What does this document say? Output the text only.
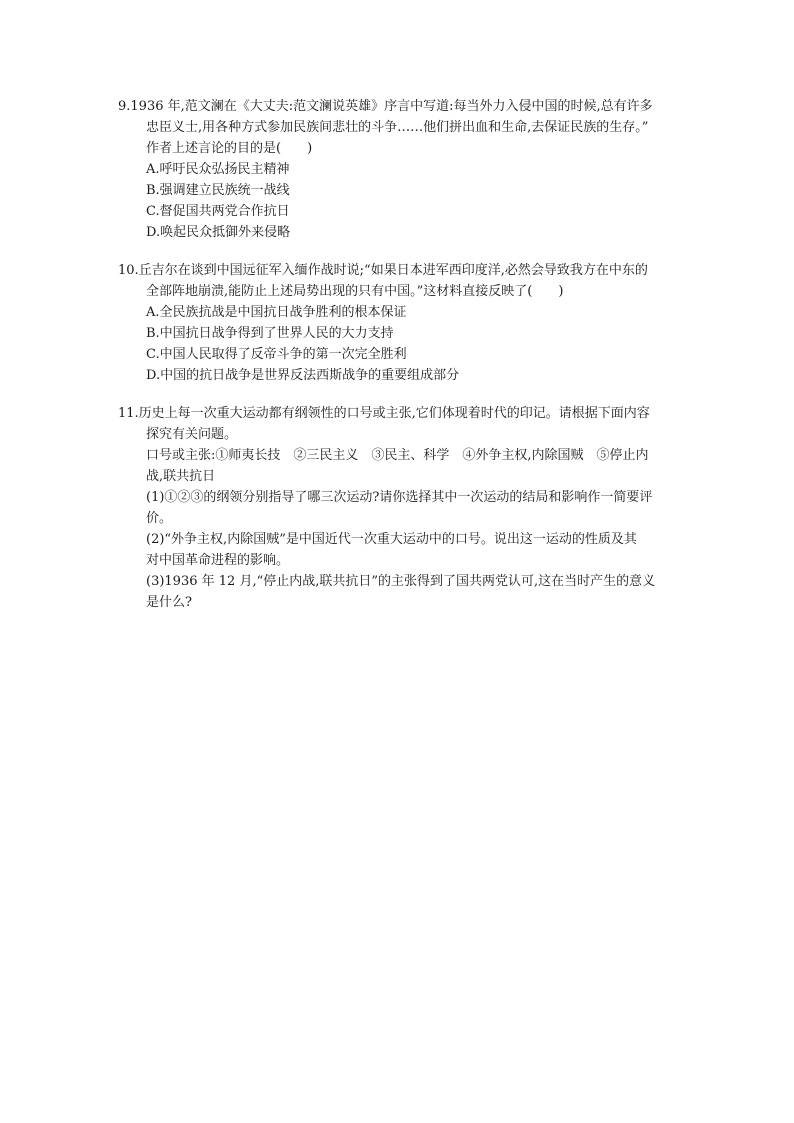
9.1936 年,范文澜在《大丈夫:范文澜说英雄》序言中写道:每当外力入侵中国的时候,总有许多
忠臣义士,用各种方式参加民族间悲壮的斗争……他们拼出血和生命,去保证民族的生存。”
作者上述言论的目的是(　　)

A.呼吁民众弘扬民主精神
B.强调建立民族统一战线
C.督促国共两党合作抗日
D.唤起民众抵御外来侵略

10.丘吉尔在谈到中国远征军入缅作战时说;“如果日本进军西印度洋,必然会导致我方在中东的
全部阵地崩溃,能防止上述局势出现的只有中国。”这材料直接反映了(　　)

A.全民族抗战是中国抗日战争胜利的根本保证
B.中国抗日战争得到了世界人民的大力支持
C.中国人民取得了反帝斗争的第一次完全胜利
D.中国的抗日战争是世界反法西斯战争的重要组成部分

11.历史上每一次重大运动都有纲领性的口号或主张,它们体现着时代的印记。请根据下面内容
探究有关问题。

口号或主张:①师夷长技　②三民主义　③民主、科学　④外争主权,内除国贼　⑤停止内
战,联共抗日

(1)①②③的纲领分别指导了哪三次运动?请你选择其中一次运动的结局和影响作一简要评
价。

(2)“外争主权,内除国贼”是中国近代一次重大运动中的口号。说出这一运动的性质及其
对中国革命进程的影响。

(3)1936 年 12 月,“停止内战,联共抗日”的主张得到了国共两党认可,这在当时产生的意义
是什么?
